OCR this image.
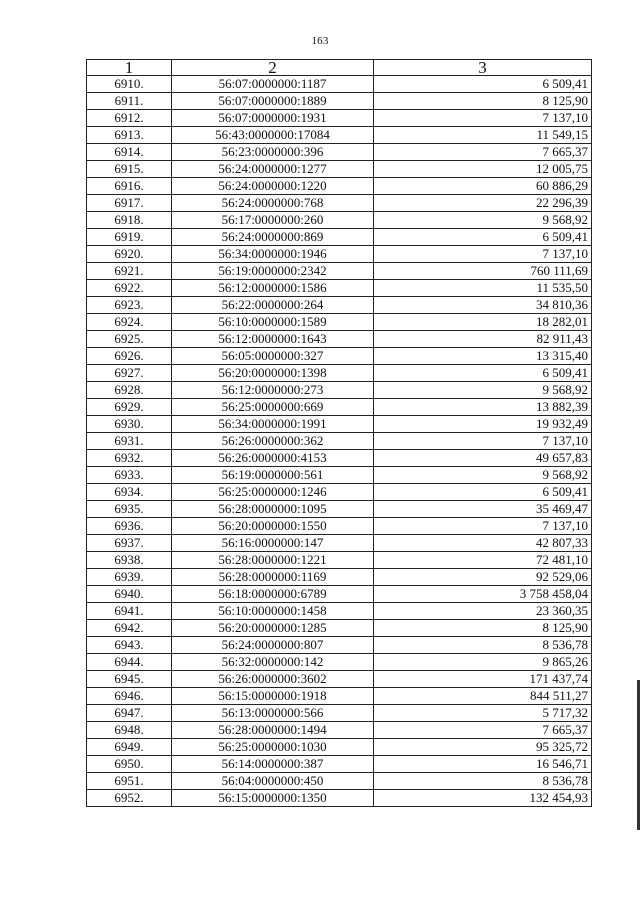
163
1	2	3
6910.	56:07:0000000:1187	6 509,41
6911.	56:07:0000000:1889	8 125,90
6912.	56:07:0000000:1931	7 137,10
6913.	56:43:0000000:17084	11 549,15
6914.	56:23:0000000:396	7 665,37
6915.	56:24:0000000:1277	12 005,75
6916.	56:24:0000000:1220	60 886,29
6917.	56:24:0000000:768	22 296,39
6918.	56:17:0000000:260	9 568,92
6919.	56:24:0000000:869	6 509,41
6920.	56:34:0000000:1946	7 137,10
6921.	56:19:0000000:2342	760 111,69
6922.	56:12:0000000:1586	11 535,50
6923.	56:22:0000000:264	34 810,36
6924.	56:10:0000000:1589	18 282,01
6925.	56:12:0000000:1643	82 911,43
6926.	56:05:0000000:327	13 315,40
6927.	56:20:0000000:1398	6 509,41
6928.	56:12:0000000:273	9 568,92
6929.	56:25:0000000:669	13 882,39
6930.	56:34:0000000:1991	19 932,49
6931.	56:26:0000000:362	7 137,10
6932.	56:26:0000000:4153	49 657,83
6933.	56:19:0000000:561	9 568,92
6934.	56:25:0000000:1246	6 509,41
6935.	56:28:0000000:1095	35 469,47
6936.	56:20:0000000:1550	7 137,10
6937.	56:16:0000000:147	42 807,33
6938.	56:28:0000000:1221	72 481,10
6939.	56:28:0000000:1169	92 529,06
6940.	56:18:0000000:6789	3 758 458,04
6941.	56:10:0000000:1458	23 360,35
6942.	56:20:0000000:1285	8 125,90
6943.	56:24:0000000:807	8 536,78
6944.	56:32:0000000:142	9 865,26
6945.	56:26:0000000:3602	171 437,74
6946.	56:15:0000000:1918	844 511,27
6947.	56:13:0000000:566	5 717,32
6948.	56:28:0000000:1494	7 665,37
6949.	56:25:0000000:1030	95 325,72
6950.	56:14:0000000:387	16 546,71
6951.	56:04:0000000:450	8 536,78
6952.	56:15:0000000:1350	132 454,93
